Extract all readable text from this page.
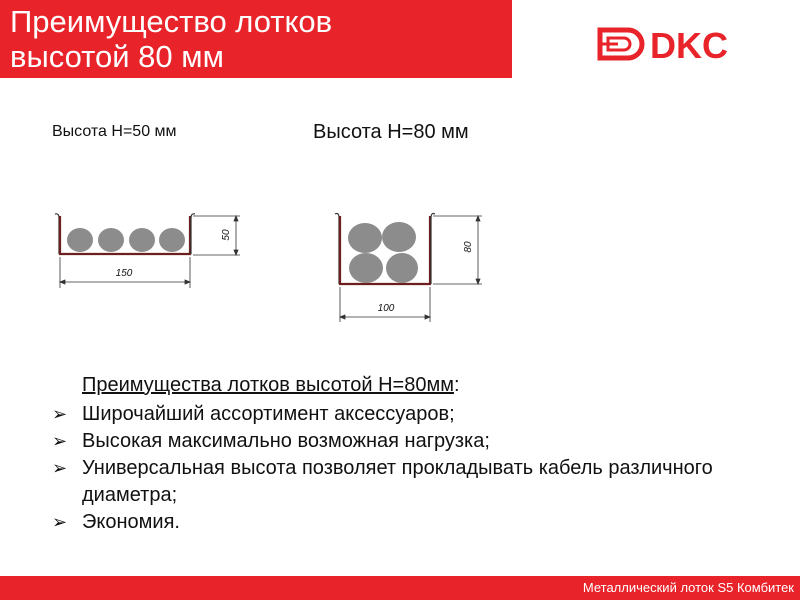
Преимущество лотков
высотой 80 мм	DKC
Высота Н=50 мм	Высота Н=80 мм
50
150
80
100

Преимущества лотков высотой Н=80мм:

➢ Широчайший ассортимент аксессуаров;
➢ Высокая максимально возможная нагрузка;
➢ Универсальная высота позволяет прокладывать кабель различного диаметра;
➢ Экономия.
Металлический лоток S5 Комбитек
